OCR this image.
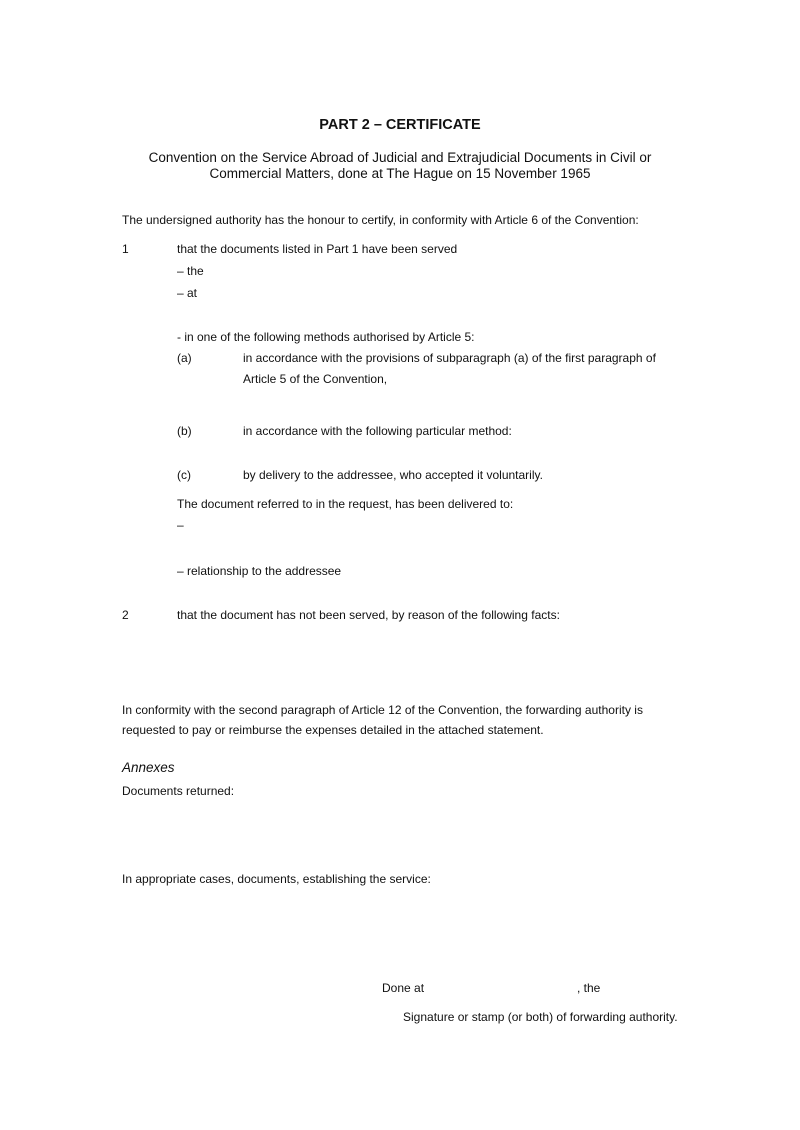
PART 2 – CERTIFICATE
Convention on the Service Abroad of Judicial and Extrajudicial Documents in Civil or
Commercial Matters, done at The Hague on 15 November 1965
The undersigned authority has the honour to certify, in conformity with Article 6 of the Convention:
1	that the documents listed in Part 1 have been served
– the
– at
- in one of the following methods authorised by Article 5:
(a)	in accordance with the provisions of subparagraph (a) of the first paragraph of
Article 5 of the Convention,
(b)	in accordance with the following particular method:
(c)	by delivery to the addressee, who accepted it voluntarily.
The document referred to in the request, has been delivered to:
–
– relationship to the addressee
2	that the document has not been served, by reason of the following facts:
In conformity with the second paragraph of Article 12 of the Convention, the forwarding authority is
requested to pay or reimburse the expenses detailed in the attached statement.
Annexes
Documents returned:
In appropriate cases, documents, establishing the service:
Done at	, the
Signature or stamp (or both) of forwarding authority.
